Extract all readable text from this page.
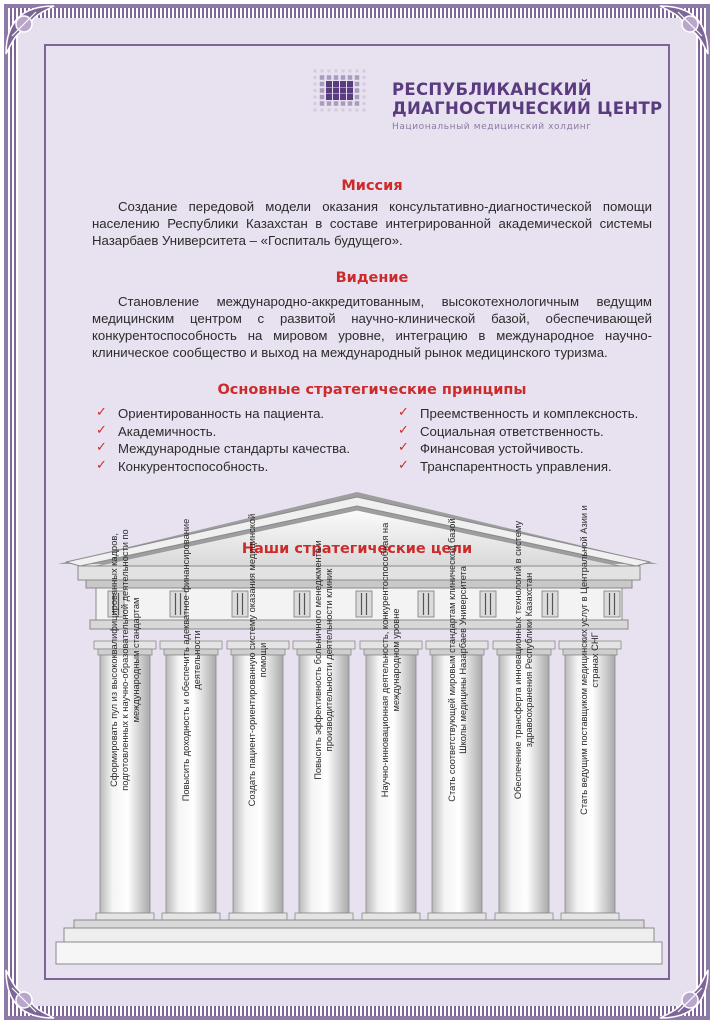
РЕСПУБЛИКАНСКИЙ
ДИАГНОСТИЧЕСКИЙ ЦЕНТР
Национальный медицинский холдинг
Миссия

Создание передовой модели оказания консультативно-диагностической помощи населению Республики Казахстан в составе интегрированной академической системы Назарбаев Университета – «Госпиталь будущего».

Видение

Становление международно-аккредитованным, высокотехнологичным ведущим медицинским центром с развитой научно-клинической базой, обеспечивающей конкурентоспособность на мировом уровне, интеграцию в международное научно-клиническое сообщество и выход на международный рынок медицинского туризма.

Основные стратегические принципы
✓ Ориентированность на пациента.
✓ Академичность.
✓ Международные стандарты качества.
✓ Конкурентоспособность.
✓ Преемственность и комплексность.
✓ Социальная ответственность.
✓ Финансовая устойчивость.
✓ Транспарентность управления.
Наши стратегические цели
Сформировать пул из высококвалифицированных кадров, подготовленных к научно-образовательной деятельности по международным стандартам	Повысить доходность и обеспечить адекватное финансирование деятельности	Создать пациент-ориентированную систему оказания медицинской помощи	Повысить эффективность больничного менеджмента и производительности деятельности клиник	Научно-инновационная деятельность, конкурентоспособная на международном уровне	Стать соответствующей мировым стандартам клинической базой Школы медицины Назарбаев Университета	Обеспечение трансферта инновационных технологий в систему здравоохранения Республики Казахстан	Стать ведущим поставщиком медицинских услуг в Центральной Азии и странах СНГ
